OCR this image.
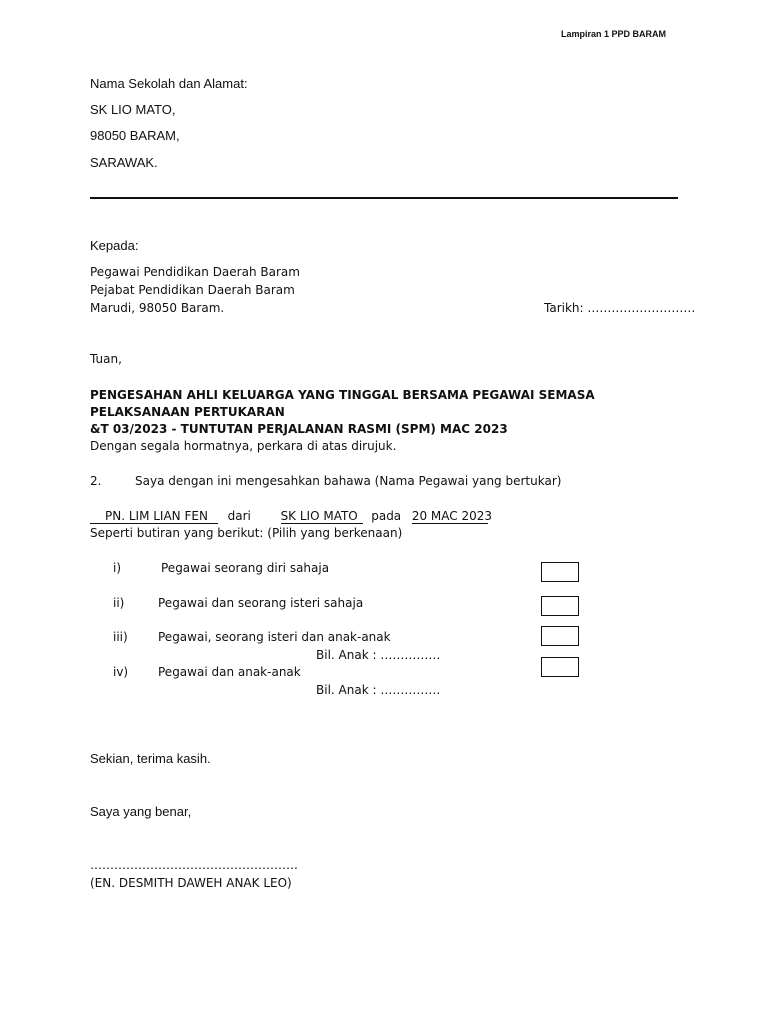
Lampiran 1 PPD BARAM
Nama Sekolah dan Alamat:
SK LIO MATO,
98050 BARAM,
SARAWAK.
Kepada:
Pegawai Pendidikan Daerah Baram
Pejabat Pendidikan Daerah Baram
Marudi, 98050 Baram.	Tarikh: ………………………
Tuan,
PENGESAHAN AHLI KELUARGA YANG TINGGAL BERSAMA PEGAWAI SEMASA
PELAKSANAAN PERTUKARAN
&T 03/2023 - TUNTUTAN PERJALANAN RASMI (SPM) MAC 2023
Dengan segala hormatnya, perkara di atas dirujuk.
2.	Saya dengan ini mengesahkan bahawa (Nama Pegawai yang bertukar)
PN. LIM LIAN FEN dari SK LIO MATO pada 20 MAC 2023
Seperti butiran yang berikut: (Pilih yang berkenaan)
i)	Pegawai seorang diri sahaja
ii)	Pegawai dan seorang isteri sahaja
iii)	Pegawai, seorang isteri dan anak-anak
Bil. Anak : ……………
iv) Pegawai dan anak-anak
Bil. Anak : ……………
Sekian, terima kasih.
Saya yang benar,
…………………………………………….
(EN. DESMITH DAWEH ANAK LEO)
